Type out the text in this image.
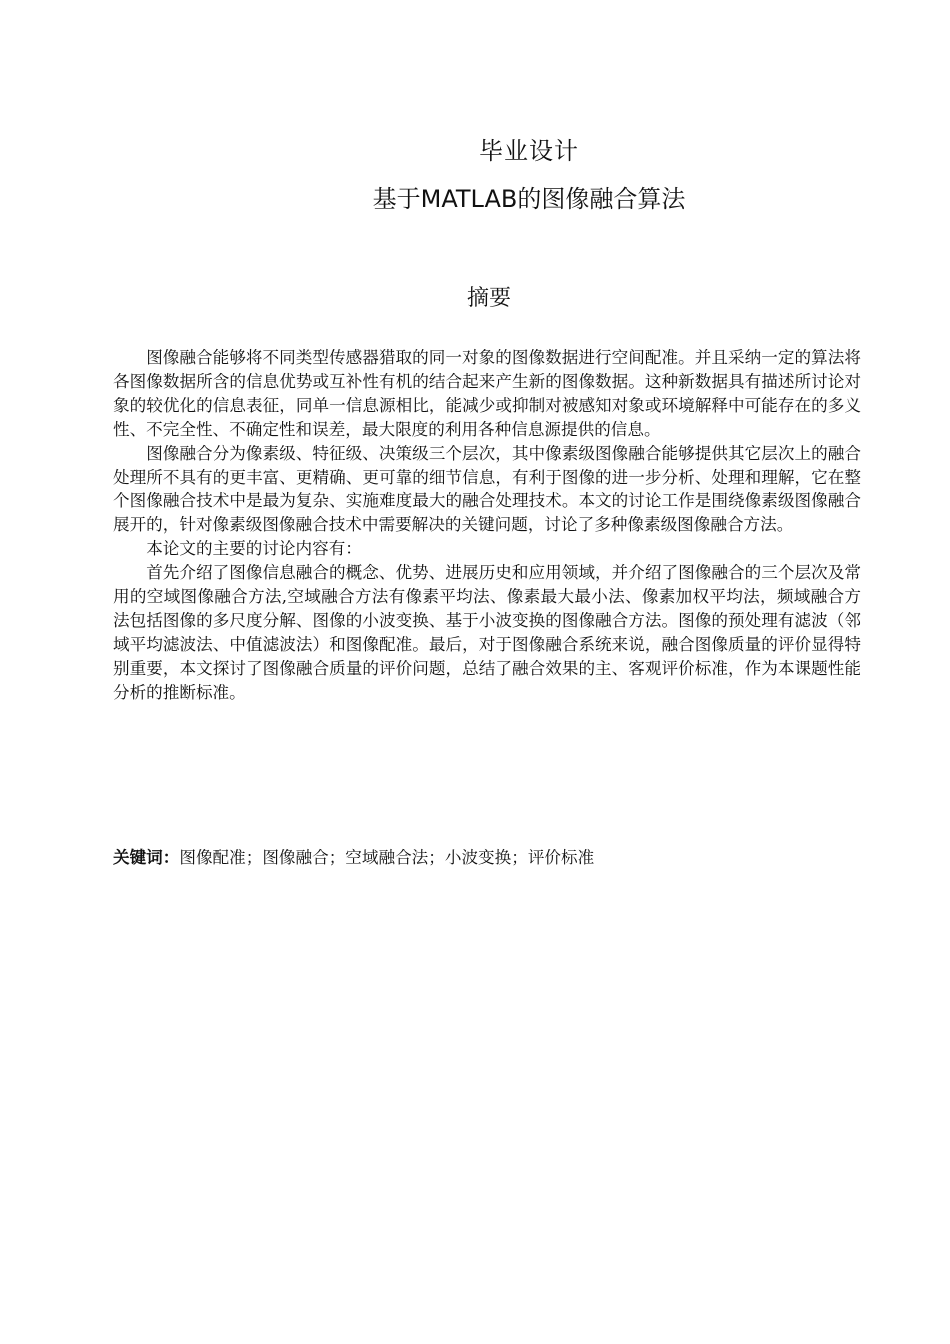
毕业设计
基于MATLAB的图像融合算法
摘要

图像融合能够将不同类型传感器猎取的同一对象的图像数据进行空间配准。并且采纳一定的算法将各图像数据所含的信息优势或互补性有机的结合起来产生新的图像数据。这种新数据具有描述所讨论对象的较优化的信息表征，同单一信息源相比，能减少或抑制对被感知对象或环境解释中可能存在的多义性、不完全性、不确定性和误差，最大限度的利用各种信息源提供的信息。

图像融合分为像素级、特征级、决策级三个层次，其中像素级图像融合能够提供其它层次上的融合处理所不具有的更丰富、更精确、更可靠的细节信息，有利于图像的进一步分析、处理和理解，它在整个图像融合技术中是最为复杂、实施难度最大的融合处理技术。本文的讨论工作是围绕像素级图像融合展开的，针对像素级图像融合技术中需要解决的关键问题，讨论了多种像素级图像融合方法。

本论文的主要的讨论内容有：

首先介绍了图像信息融合的概念、优势、进展历史和应用领域，并介绍了图像融合的三个层次及常用的空域图像融合方法,空域融合方法有像素平均法、像素最大最小法、像素加权平均法，频域融合方法包括图像的多尺度分解、图像的小波变换、基于小波变换的图像融合方法。图像的预处理有滤波（邻域平均滤波法、中值滤波法）和图像配准。最后，对于图像融合系统来说，融合图像质量的评价显得特别重要，本文探讨了图像融合质量的评价问题，总结了融合效果的主、客观评价标准，作为本课题性能分析的推断标准。

关键词：图像配准；图像融合；空域融合法；小波变换；评价标准
